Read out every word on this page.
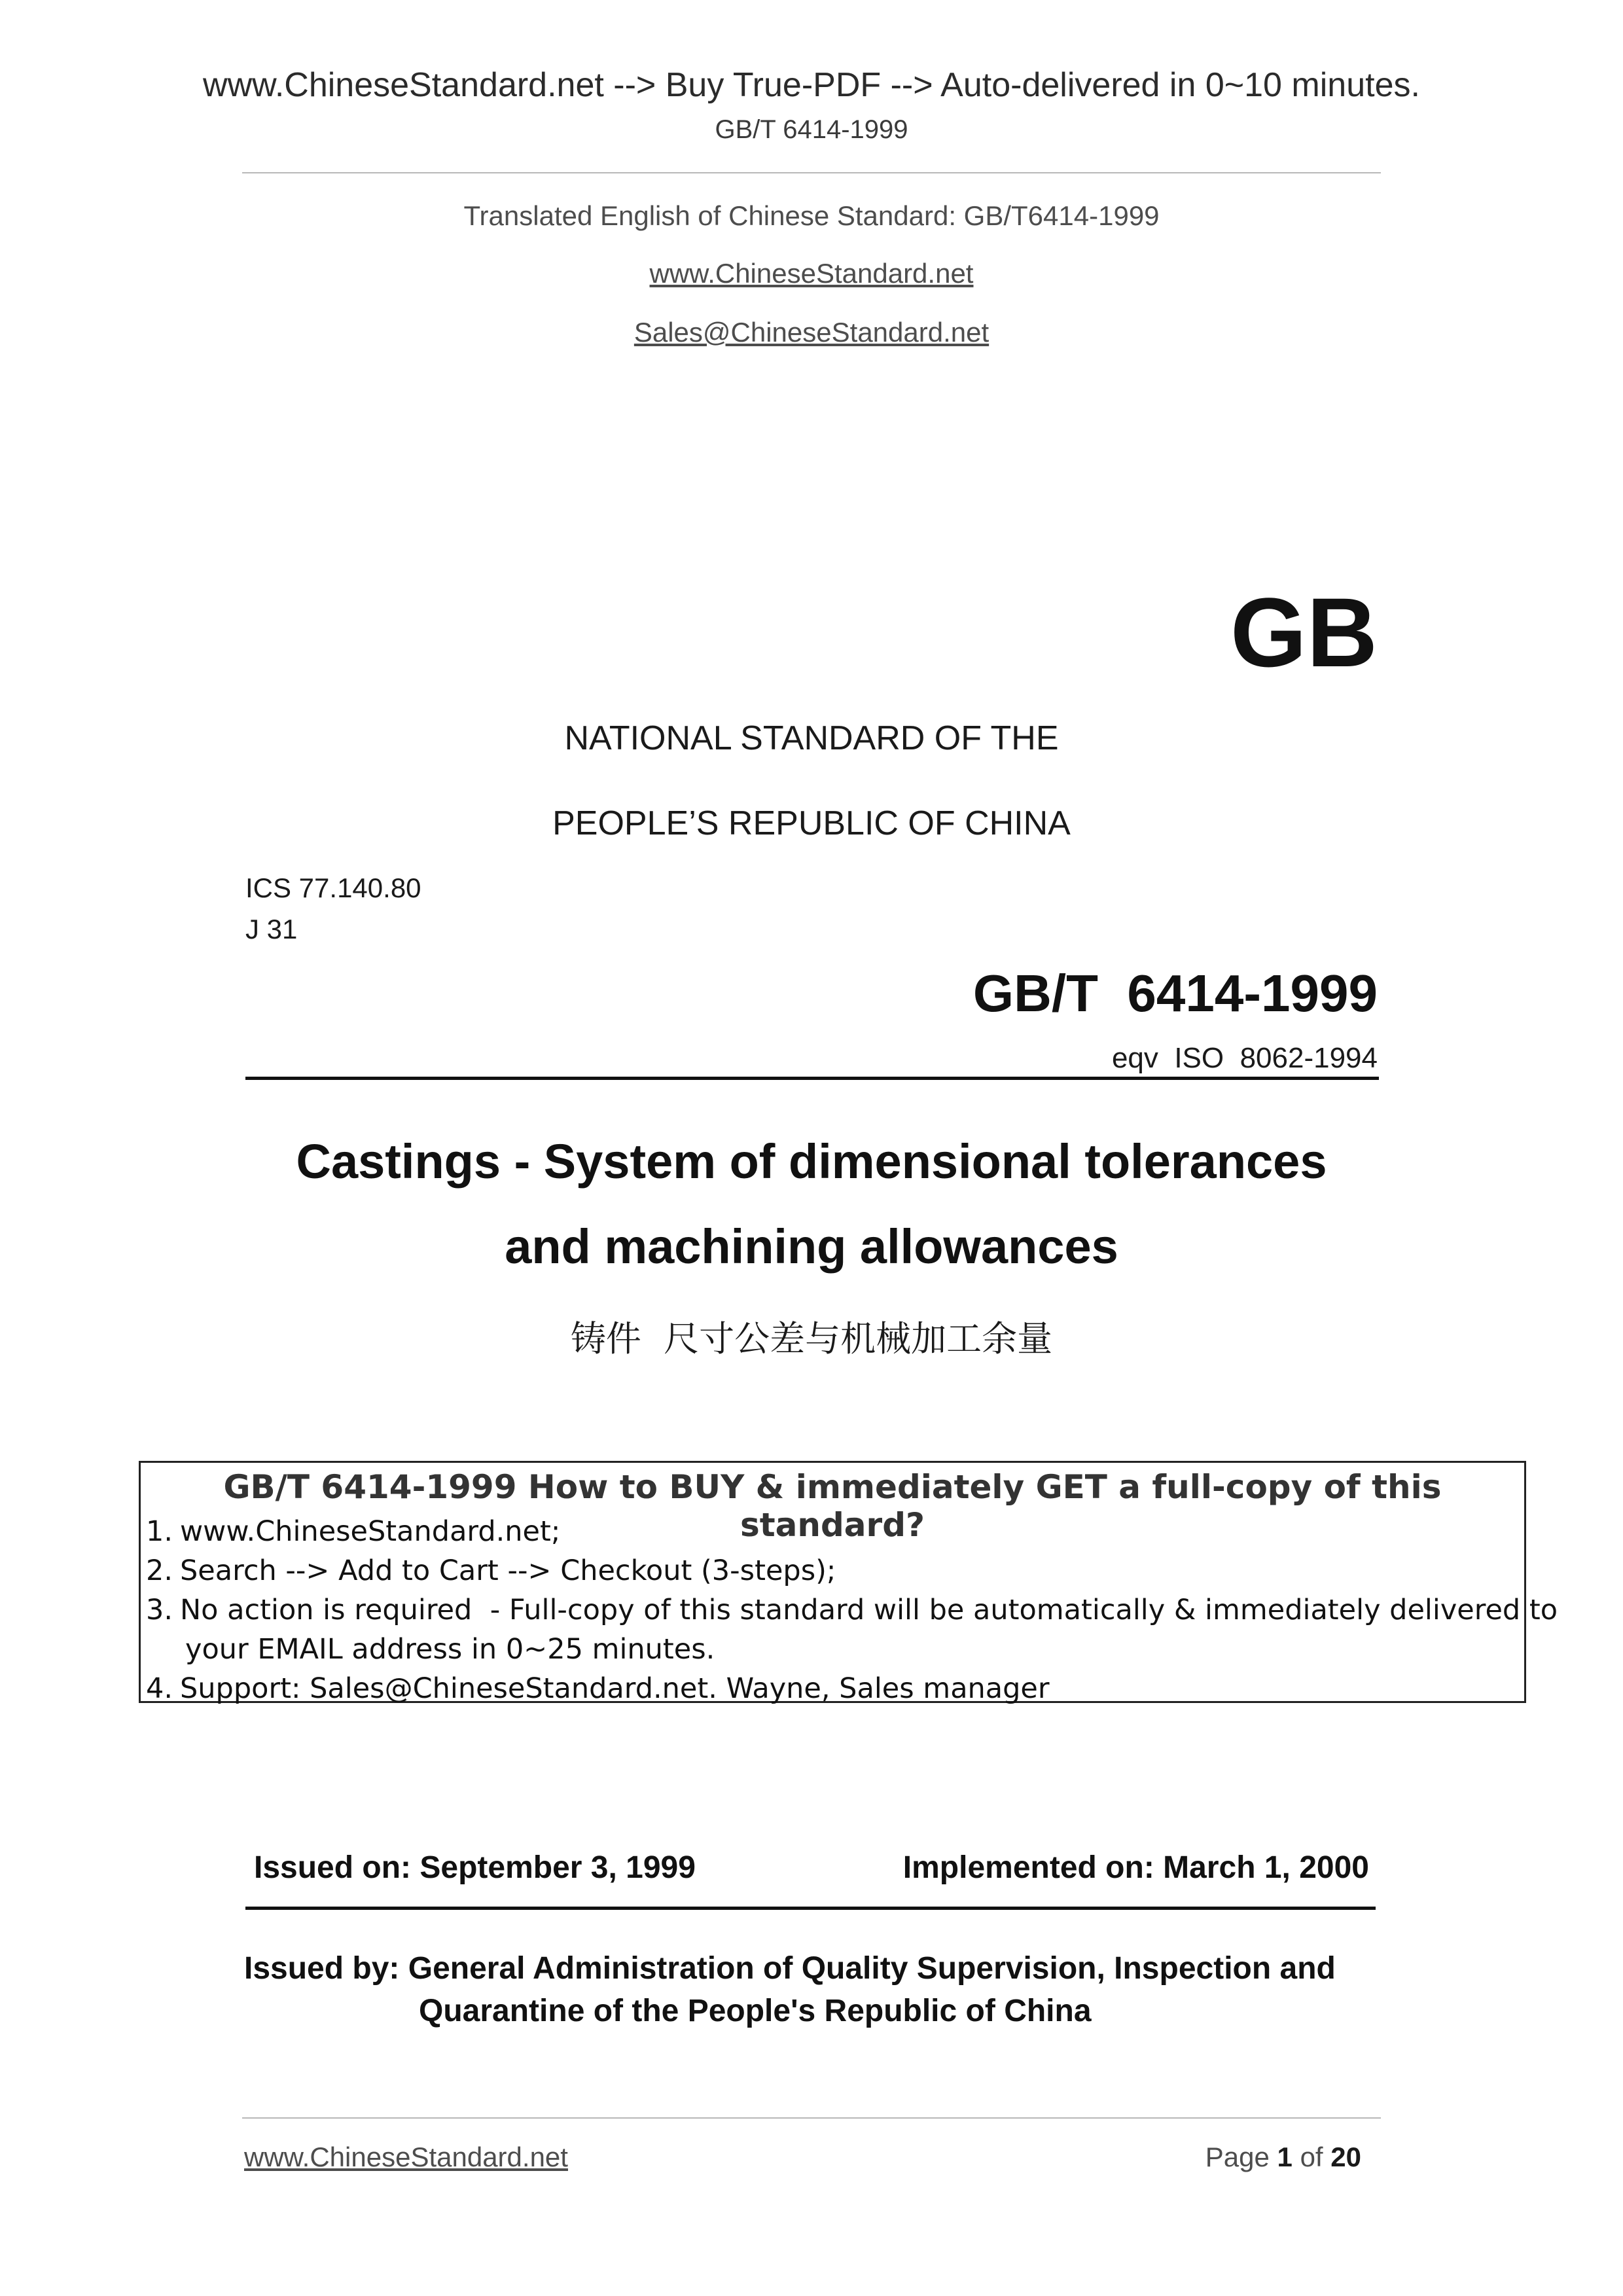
www.ChineseStandard.net --> Buy True-PDF --> Auto-delivered in 0~10 minutes.
GB/T 6414-1999
Translated English of Chinese Standard: GB/T6414-1999
www.ChineseStandard.net
Sales@ChineseStandard.net
GB
NATIONAL STANDARD OF THE
PEOPLE’S REPUBLIC OF CHINA
ICS 77.140.80
J 31
GB/T  6414-1999
eqv  ISO  8062-1994
Castings - System of dimensional tolerances
and machining allowances
铸件  尺寸公差与机械加工余量
GB/T 6414-1999 How to BUY & immediately GET a full-copy of this standard?
1. www.ChineseStandard.net;
2. Search --> Add to Cart --> Checkout (3-steps);
3. No action is required  - Full-copy of this standard will be automatically & immediately delivered to
your EMAIL address in 0~25 minutes.
4. Support: Sales@ChineseStandard.net. Wayne, Sales manager
Issued on: September 3, 1999	Implemented on: March 1, 2000
Issued by: General Administration of Quality Supervision, Inspection and
Quarantine of the People's Republic of China
www.ChineseStandard.net	Page 1 of 20
